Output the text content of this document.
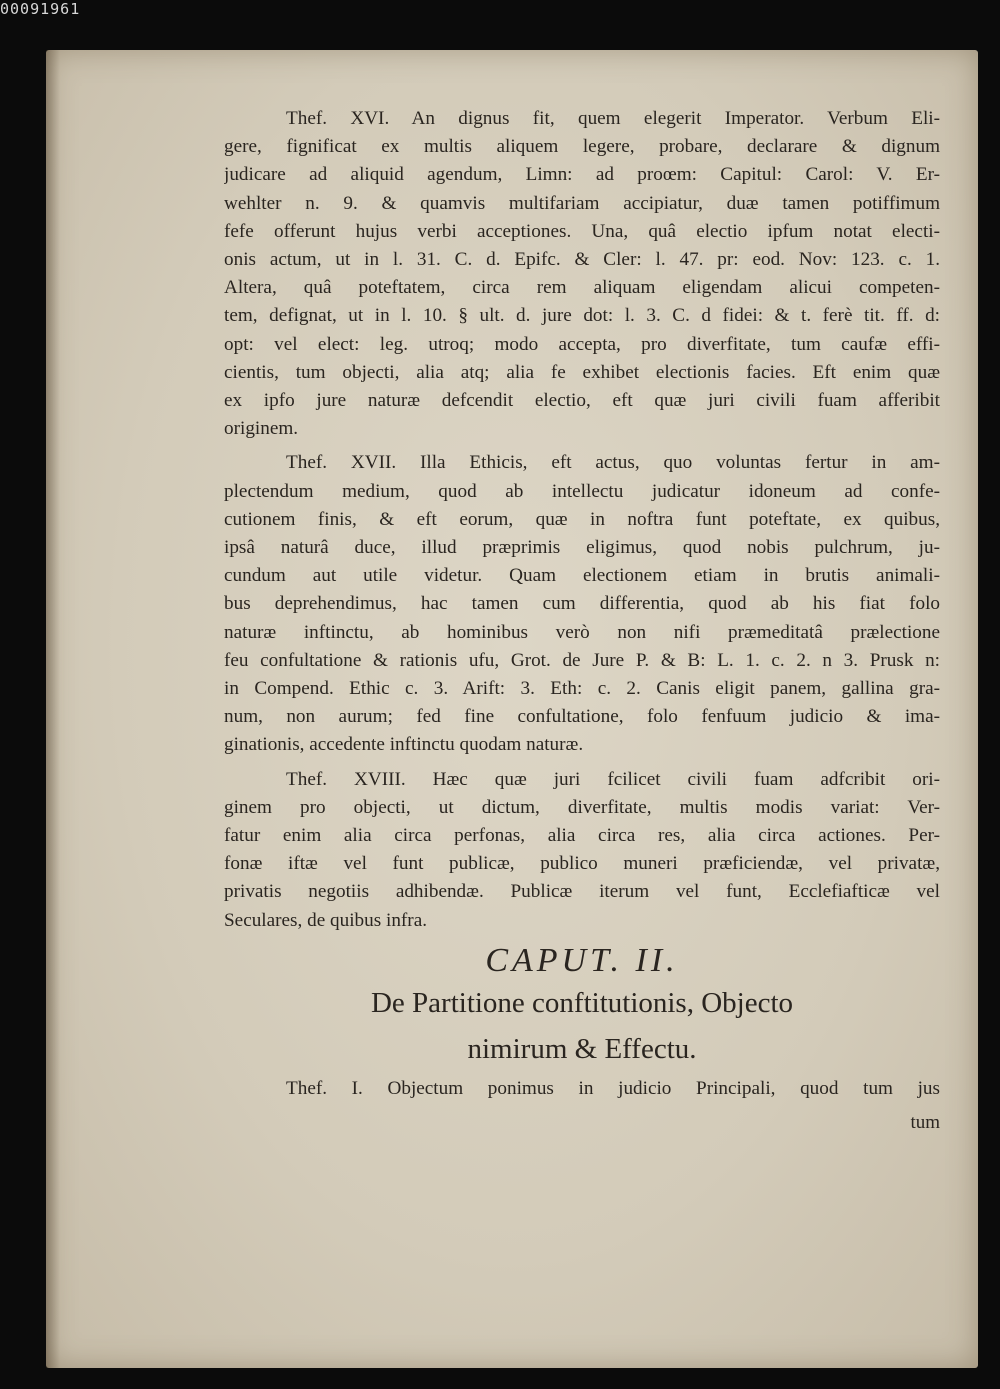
00091961
Thef. XVI. An dignus fit, quem elegerit Imperator. Verbum Eli-
gere, fignificat ex multis aliquem legere, probare, declarare & dignum
judicare ad aliquid agendum, Limn: ad proœm: Capitul: Carol: V. Er-
wehlter n. 9. & quamvis multifariam accipiatur, duæ tamen potiffimum
fefe offerunt hujus verbi acceptiones. Una, quâ electio ipfum notat electi-
onis actum, ut in l. 31. C. d. Epifc. & Cler: l. 47. pr: eod. Nov: 123. c. 1.
Altera, quâ poteftatem, circa rem aliquam eligendam alicui competen-
tem, defignat, ut in l. 10. § ult. d. jure dot: l. 3. C. d fidei: & t. ferè tit. ff. d:
opt: vel elect: leg. utroq; modo accepta, pro diverfitate, tum caufæ effi-
cientis, tum objecti, alia atq; alia fe exhibet electionis facies. Eft enim quæ
ex ipfo jure naturæ defcendit electio, eft quæ juri civili fuam afferibit
originem.
Thef. XVII. Illa Ethicis, eft actus, quo voluntas fertur in am-
plectendum medium, quod ab intellectu judicatur idoneum ad confe-
cutionem finis, & eft eorum, quæ in noftra funt poteftate, ex quibus,
ipsâ naturâ duce, illud præprimis eligimus, quod nobis pulchrum, ju-
cundum aut utile videtur. Quam electionem etiam in brutis animali-
bus deprehendimus, hac tamen cum differentia, quod ab his fiat folo
naturæ inftinctu, ab hominibus verò non nifi præmeditatâ prælectione
feu confultatione & rationis ufu, Grot. de Jure P. & B: L. 1. c. 2. n 3. Prusk n:
in Compend. Ethic c. 3. Arift: 3. Eth: c. 2. Canis eligit panem, gallina gra-
num, non aurum; fed fine confultatione, folo fenfuum judicio & ima-
ginationis, accedente inftinctu quodam naturæ.
Thef. XVIII. Hæc quæ juri fcilicet civili fuam adfcribit ori-
ginem pro objecti, ut dictum, diverfitate, multis modis variat: Ver-
fatur enim alia circa perfonas, alia circa res, alia circa actiones. Per-
fonæ iftæ vel funt publicæ, publico muneri præficiendæ, vel privatæ,
privatis negotiis adhibendæ. Publicæ iterum vel funt, Ecclefiafticæ vel
Seculares, de quibus infra.
CAPUT. II.
De Partitione conftitutionis, Objecto
nimirum & Effectu.
Thef. I. Objectum ponimus in judicio Principali, quod tum jus
tum
